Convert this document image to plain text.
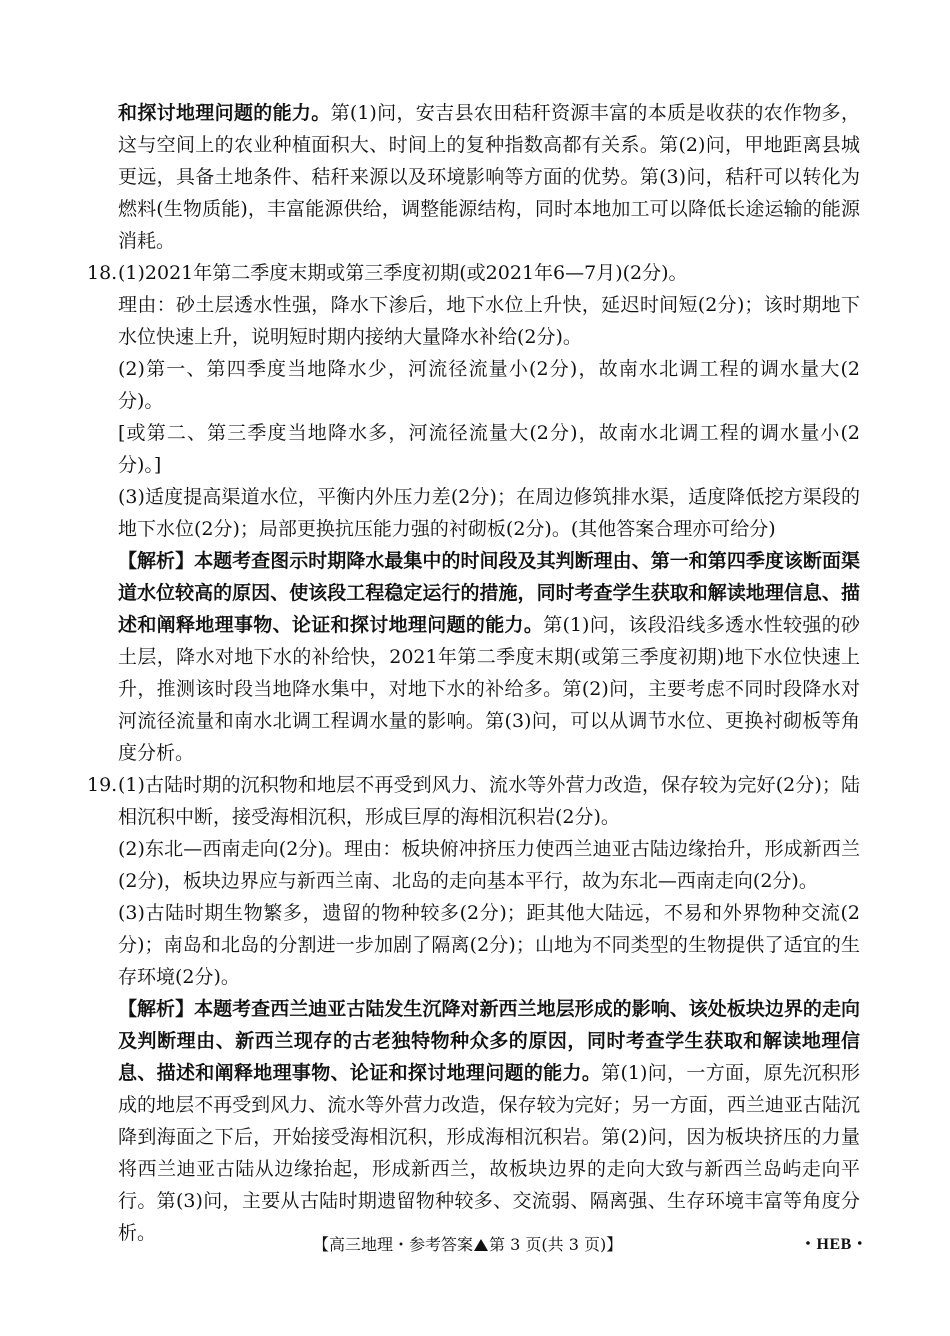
和探讨地理问题的能力。第(1)问，安吉县农田秸秆资源丰富的本质是收获的农作物多，这与空间上的农业种植面积大、时间上的复种指数高都有关系。第(2)问，甲地距离县城更远，具备土地条件、秸秆来源以及环境影响等方面的优势。第(3)问，秸秆可以转化为燃料(生物质能)，丰富能源供给，调整能源结构，同时本地加工可以降低长途运输的能源消耗。

18. (1)2021年第二季度末期或第三季度初期(或2021年6—7月)(2分)。

理由：砂土层透水性强，降水下渗后，地下水位上升快，延迟时间短(2分)；该时期地下水位快速上升，说明短时期内接纳大量降水补给(2分)。

(2)第一、第四季度当地降水少，河流径流量小(2分)，故南水北调工程的调水量大(2分)。

[或第二、第三季度当地降水多，河流径流量大(2分)，故南水北调工程的调水量小(2分)。]

(3)适度提高渠道水位，平衡内外压力差(2分)；在周边修筑排水渠，适度降低挖方渠段的地下水位(2分)；局部更换抗压能力强的衬砌板(2分)。(其他答案合理亦可给分)

【解析】本题考查图示时期降水最集中的时间段及其判断理由、第一和第四季度该断面渠道水位较高的原因、使该段工程稳定运行的措施，同时考查学生获取和解读地理信息、描述和阐释地理事物、论证和探讨地理问题的能力。第(1)问，该段沿线多透水性较强的砂土层，降水对地下水的补给快，2021年第二季度末期(或第三季度初期)地下水位快速上升，推测该时段当地降水集中，对地下水的补给多。第(2)问，主要考虑不同时段降水对河流径流量和南水北调工程调水量的影响。第(3)问，可以从调节水位、更换衬砌板等角度分析。

19. (1)古陆时期的沉积物和地层不再受到风力、流水等外营力改造，保存较为完好(2分)；陆相沉积中断，接受海相沉积，形成巨厚的海相沉积岩(2分)。

(2)东北—西南走向(2分)。理由：板块俯冲挤压力使西兰迪亚古陆边缘抬升，形成新西兰(2分)，板块边界应与新西兰南、北岛的走向基本平行，故为东北—西南走向(2分)。

(3)古陆时期生物繁多，遗留的物种较多(2分)；距其他大陆远，不易和外界物种交流(2分)；南岛和北岛的分割进一步加剧了隔离(2分)；山地为不同类型的生物提供了适宜的生存环境(2分)。

【解析】本题考查西兰迪亚古陆发生沉降对新西兰地层形成的影响、该处板块边界的走向及判断理由、新西兰现存的古老独特物种众多的原因，同时考查学生获取和解读地理信息、描述和阐释地理事物、论证和探讨地理问题的能力。第(1)问，一方面，原先沉积形成的地层不再受到风力、流水等外营力改造，保存较为完好；另一方面，西兰迪亚古陆沉降到海面之下后，开始接受海相沉积，形成海相沉积岩。第(2)问，因为板块挤压的力量将西兰迪亚古陆从边缘抬起，形成新西兰，故板块边界的走向大致与新西兰岛屿走向平行。第(3)问，主要从古陆时期遗留物种较多、交流弱、隔离强、生存环境丰富等角度分析。

【高三地理・参考答案 第 3 页(共 3 页)】	・HEB・
